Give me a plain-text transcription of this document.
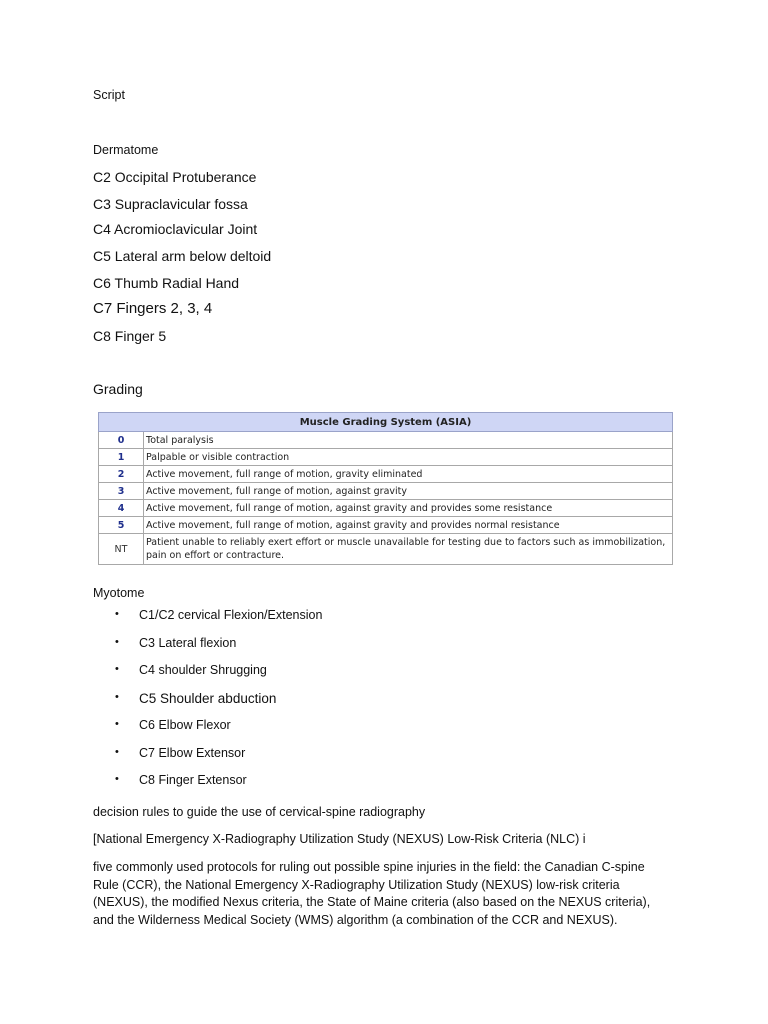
Script
Dermatome
C2 Occipital Protuberance
C3 Supraclavicular fossa
C4 Acromioclavicular Joint
C5 Lateral arm below deltoid
C6 Thumb Radial Hand
C7 Fingers 2, 3, 4
C8 Finger 5
Grading
Muscle Grading System (ASIA)	
0	Total paralysis
1	Palpable or visible contraction
2	Active movement, full range of motion, gravity eliminated
3	Active movement, full range of motion, against gravity
4	Active movement, full range of motion, against gravity and provides some resistance
5	Active movement, full range of motion, against gravity and provides normal resistance
NT	Patient unable to reliably exert effort or muscle unavailable for testing due to factors such as immobilization, pain on effort or contracture.
Myotome
• C1/C2 cervical Flexion/Extension
• C3 Lateral flexion
• C4 shoulder Shrugging
• C5 Shoulder abduction
• C6 Elbow Flexor
• C7 Elbow Extensor
• C8 Finger Extensor
decision rules to guide the use of cervical-spine radiography
[National Emergency X-Radiography Utilization Study (NEXUS) Low-Risk Criteria (NLC) i
five commonly used protocols for ruling out possible spine injuries in the field: the Canadian C-spine Rule (CCR), the National Emergency X-Radiography Utilization Study (NEXUS) low-risk criteria (NEXUS), the modified Nexus criteria, the State of Maine criteria (also based on the NEXUS criteria), and the Wilderness Medical Society (WMS) algorithm (a combination of the CCR and NEXUS).
